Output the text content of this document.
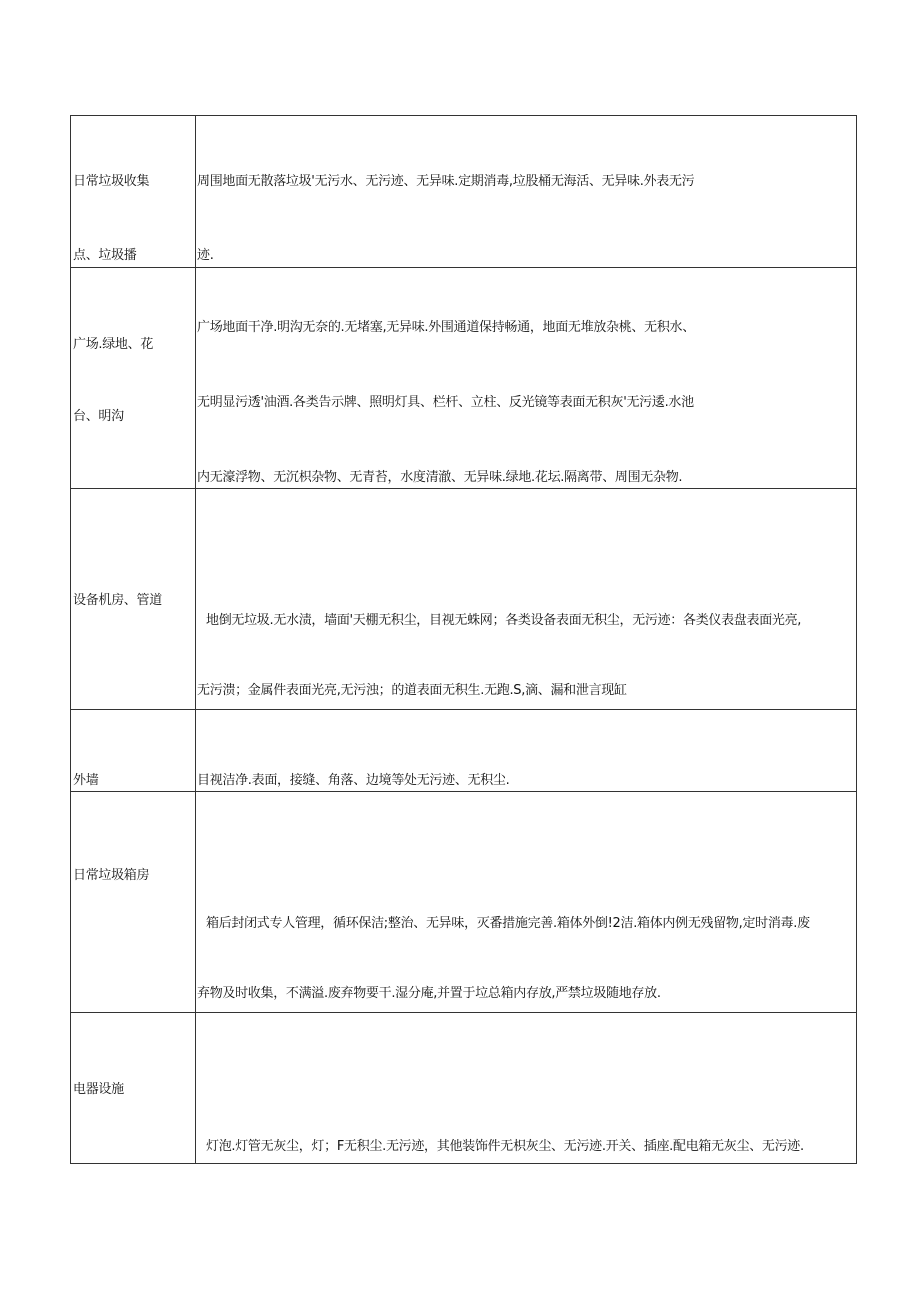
日常垃圾收集
点、垃圾播
周围地面无散落垃圾'无污水、无污迹、无异味.定期消毒,垃股桶无海活、无异味.外表无污
迹.
广场.绿地、花
台、明沟
广场地面干净.明沟无奈的.无堵塞,无异味.外围通道保持畅通，地面无堆放杂桃、无积水、
无明显污透'油酒.各类告示牌、照明灯具、栏杆、立柱、反光镜等表面无积灰'无污逶.水池
内无濠浮物、无沉枳杂物、无青苔，水度清澈、无异味.绿地.花坛.隔离带、周围无杂物.
设备机房、管道
地倒无垃圾.无水渍，墙面'天棚无积尘，目视无蛛网；各类设备表面无积尘，无污迹：各类仪表盘表面光亮,
无污溃；金属件表面光亮,无污浊；的道表面无积生.无跑.S,滴、漏和泄言现缸
外墙	目视洁净.表面，接缝、角落、边境等处无污迹、无积尘.
日常垃圾箱房
箱后封闭式专人管理，循环保洁;整治、无异味，灭番措施完善.箱体外倒!2洁.箱体内例无残留物,定时消毒.废
弃物及时收集，不满溢.废弃物要干.湿分庵,并置于垃总箱内存放,严禁垃圾随地存放.
电器设施
灯泡.灯管无灰尘，灯；F无积尘.无污迹，其他装饰件无枳灰尘、无污迹.开关、插座.配电箱无灰尘、无污迹.
